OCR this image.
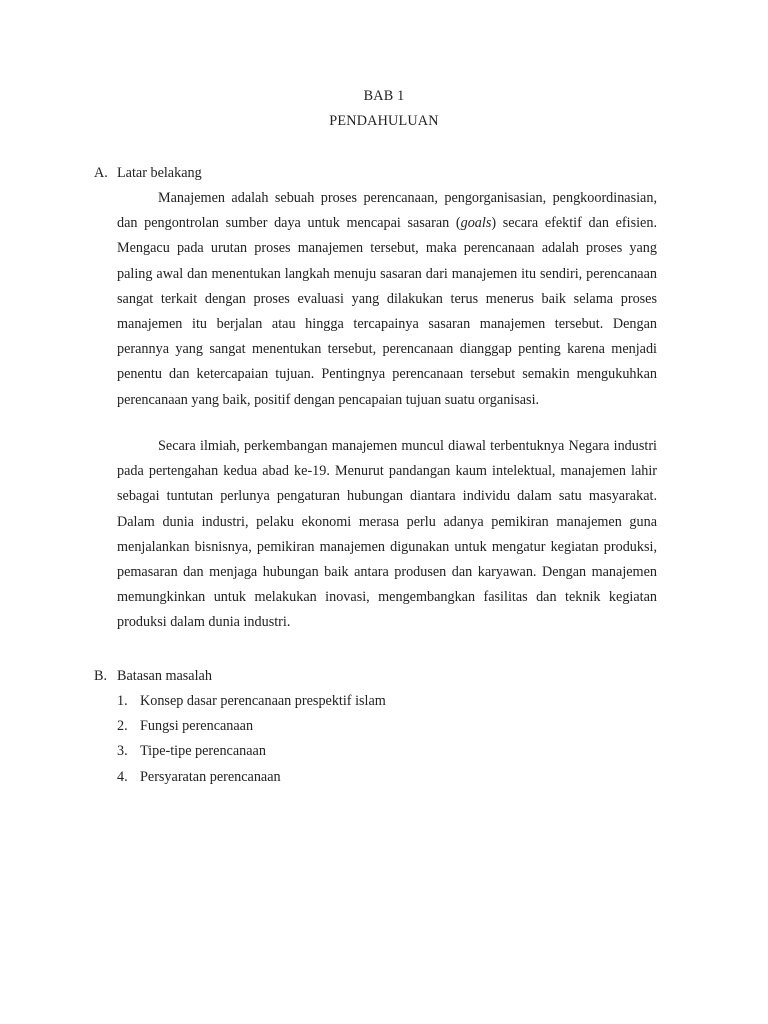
BAB 1
PENDAHULUAN
A. Latar belakang

Manajemen adalah sebuah proses perencanaan, pengorganisasian, pengkoordinasian, dan pengontrolan sumber daya untuk mencapai sasaran (goals) secara efektif dan efisien. Mengacu pada urutan proses manajemen tersebut, maka perencanaan adalah proses yang paling awal dan menentukan langkah menuju sasaran dari manajemen itu sendiri, perencanaan sangat terkait dengan proses evaluasi yang dilakukan terus menerus baik selama proses manajemen itu berjalan atau hingga tercapainya sasaran manajemen tersebut. Dengan perannya yang sangat menentukan tersebut, perencanaan dianggap penting karena menjadi penentu dan ketercapaian tujuan. Pentingnya perencanaan tersebut semakin mengukuhkan perencanaan yang baik, positif dengan pencapaian tujuan suatu organisasi.

Secara ilmiah, perkembangan manajemen muncul diawal terbentuknya Negara industri pada pertengahan kedua abad ke-19. Menurut pandangan kaum intelektual, manajemen lahir sebagai tuntutan perlunya pengaturan hubungan diantara individu dalam satu masyarakat. Dalam dunia industri, pelaku ekonomi merasa perlu adanya pemikiran manajemen guna menjalankan bisnisnya, pemikiran manajemen digunakan untuk mengatur kegiatan produksi, pemasaran dan menjaga hubungan baik antara produsen dan karyawan. Dengan manajemen memungkinkan untuk melakukan inovasi, mengembangkan fasilitas dan teknik kegiatan produksi dalam dunia industri.

B. Batasan masalah
1. Konsep dasar perencanaan prespektif islam
2. Fungsi perencanaan
3. Tipe-tipe perencanaan
4. Persyaratan perencanaan
